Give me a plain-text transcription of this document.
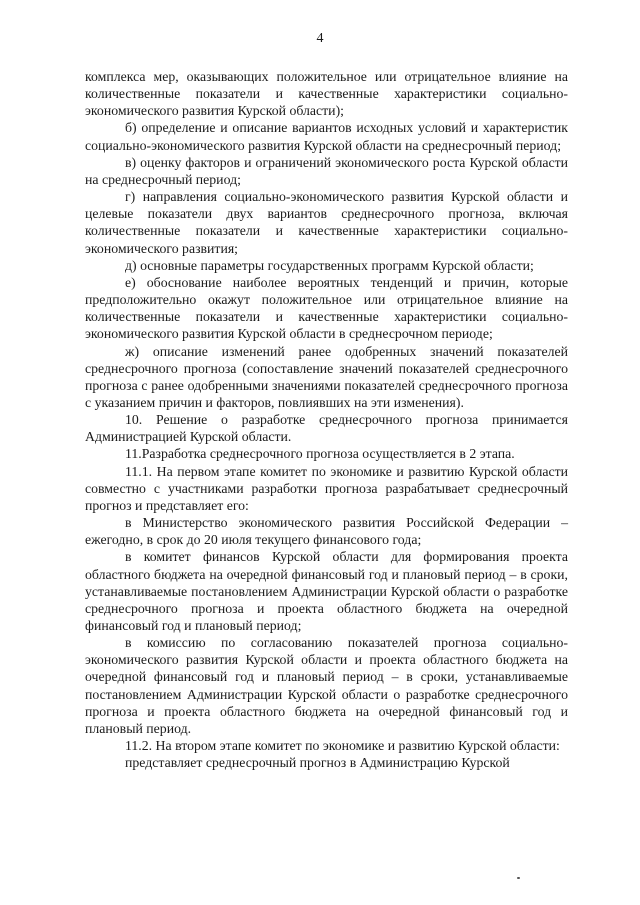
4

комплекса мер, оказывающих положительное или отрицательное влияние на количественные показатели и качественные характеристики социально-экономического развития Курской области);

б) определение и описание вариантов исходных условий и характеристик социально-экономического развития Курской области на среднесрочный период;

в) оценку факторов и ограничений экономического роста Курской области на среднесрочный период;

г) направления социально-экономического развития Курской области и целевые показатели двух вариантов среднесрочного прогноза, включая количественные показатели и качественные характеристики социально-экономического развития;

д) основные параметры государственных программ Курской области;

е) обоснование наиболее вероятных тенденций и причин, которые предположительно окажут положительное или отрицательное влияние на количественные показатели и качественные характеристики социально-экономического развития Курской области в среднесрочном периоде;

ж) описание изменений ранее одобренных значений показателей среднесрочного прогноза (сопоставление значений показателей среднесрочного прогноза с ранее одобренными значениями показателей среднесрочного прогноза с указанием причин и факторов, повлиявших на эти изменения).

10. Решение о разработке среднесрочного прогноза принимается Администрацией Курской области.

11.Разработка среднесрочного прогноза осуществляется в 2 этапа.

11.1. На первом этапе комитет по экономике и развитию Курской области совместно с участниками разработки прогноза разрабатывает среднесрочный прогноз и представляет его:

в Министерство экономического развития Российской Федерации – ежегодно, в срок до 20 июля текущего финансового года;

в комитет финансов Курской области для формирования проекта областного бюджета на очередной финансовый год и плановый период – в сроки, устанавливаемые постановлением Администрации Курской области о разработке среднесрочного прогноза и проекта областного бюджета на очередной финансовый год и плановый период;

в комиссию по согласованию показателей прогноза социально-экономического развития Курской области и проекта областного бюджета на очередной финансовый год и плановый период – в сроки, устанавливаемые постановлением Администрации Курской области о разработке среднесрочного прогноза и проекта областного бюджета на очередной финансовый год и плановый период.

11.2. На втором этапе комитет по экономике и развитию Курской области:

представляет среднесрочный прогноз в Администрацию Курской
